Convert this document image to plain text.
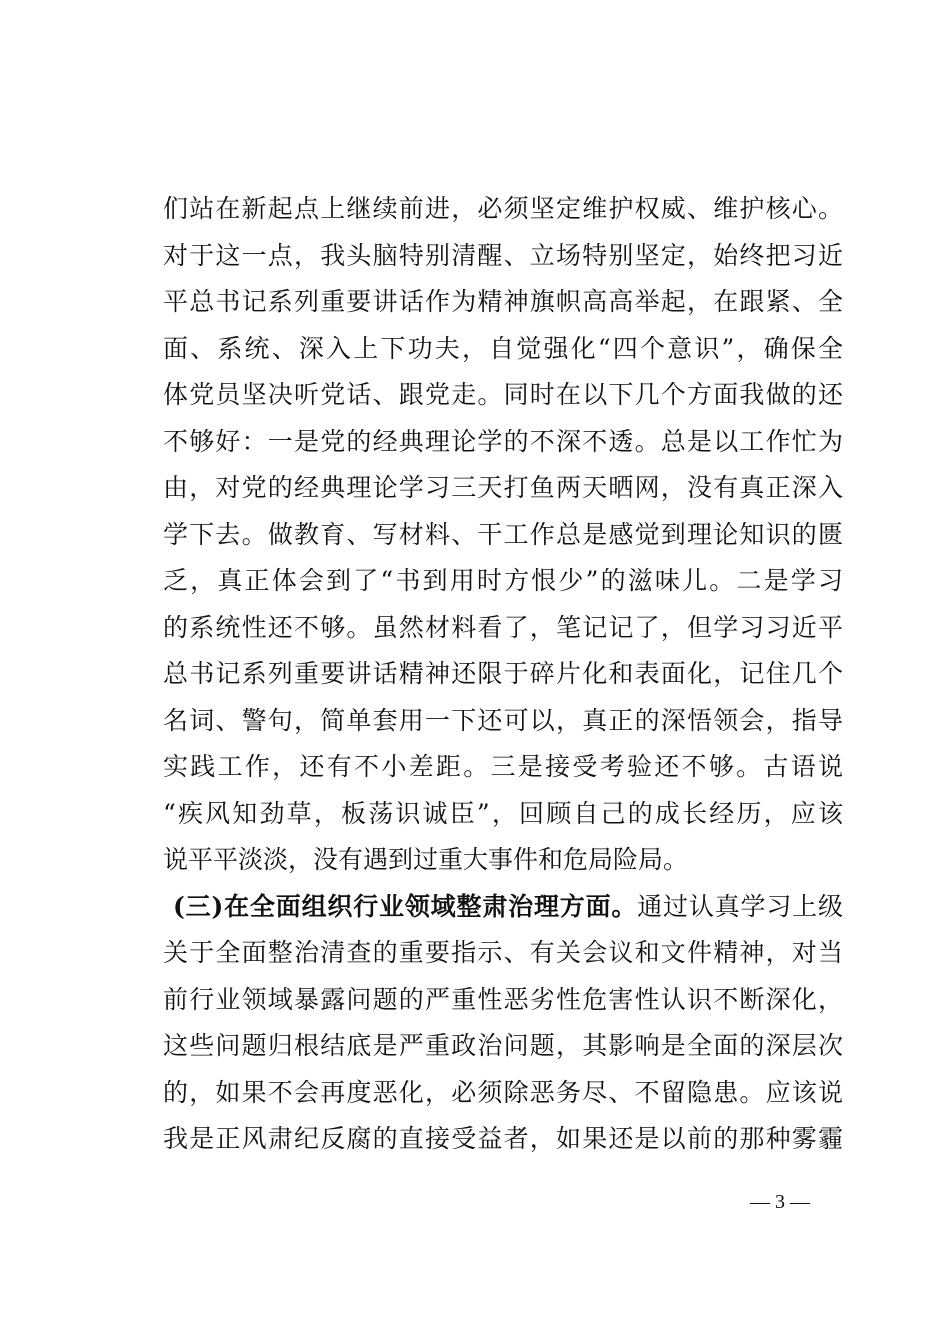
们站在新起点上继续前进，必须坚定维护权威、维护核心。
对于这一点，我头脑特别清醒、立场特别坚定，始终把习近
平总书记系列重要讲话作为精神旗帜高高举起，在跟紧、全
面、系统、深入上下功夫，自觉强化“四个意识”，确保全
体党员坚决听党话、跟党走。同时在以下几个方面我做的还
不够好：一是党的经典理论学的不深不透。总是以工作忙为
由，对党的经典理论学习三天打鱼两天晒网，没有真正深入
学下去。做教育、写材料、干工作总是感觉到理论知识的匮
乏，真正体会到了“书到用时方恨少”的滋味儿。二是学习
的系统性还不够。虽然材料看了，笔记记了，但学习习近平
总书记系列重要讲话精神还限于碎片化和表面化，记住几个
名词、警句，简单套用一下还可以，真正的深悟领会，指导
实践工作，还有不小差距。三是接受考验还不够。古语说
“疾风知劲草，板荡识诚臣”，回顾自己的成长经历，应该
说平平淡淡，没有遇到过重大事件和危局险局。
(三)在全面组织行业领域整肃治理方面。通过认真学习上级
关于全面整治清查的重要指示、有关会议和文件精神，对当
前行业领域暴露问题的严重性恶劣性危害性认识不断深化，
这些问题归根结底是严重政治问题，其影响是全面的深层次
的，如果不会再度恶化，必须除恶务尽、不留隐患。应该说
我是正风肃纪反腐的直接受益者，如果还是以前的那种雾霾
— 3 —
